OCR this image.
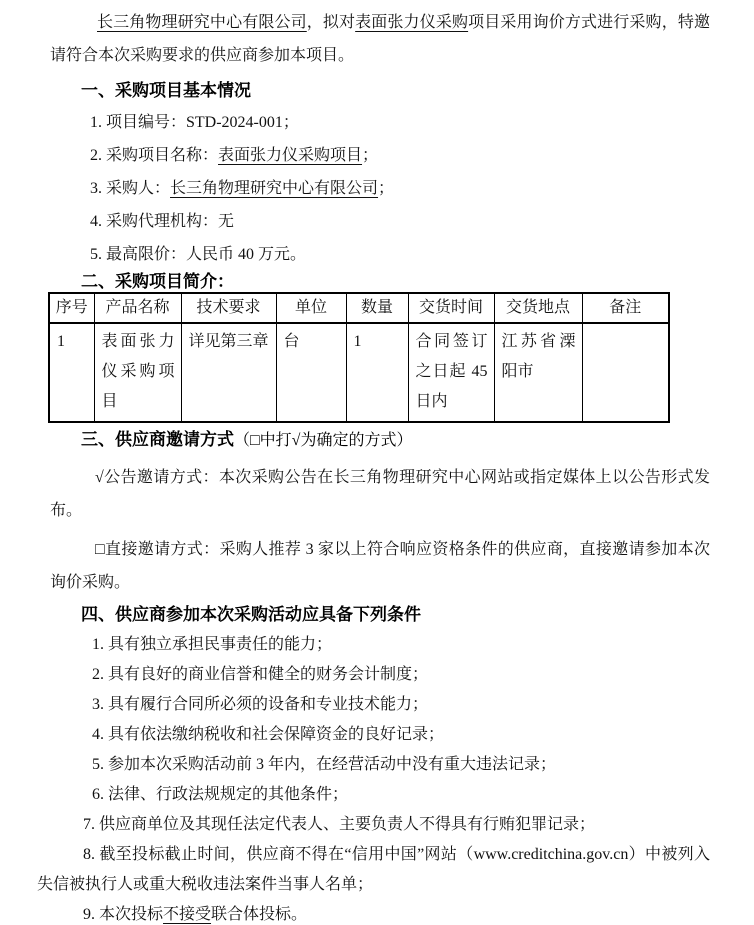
长三角物理研究中心有限公司，拟对表面张力仪采购项目采用询价方式进行采购，特邀请符合本次采购要求的供应商参加本项目。

一、采购项目基本情况

1. 项目编号：STD-2024-001；

2. 采购项目名称：表面张力仪采购项目；

3. 采购人：长三角物理研究中心有限公司；

4. 采购代理机构：无

5. 最高限价：人民币 40 万元。

二、采购项目简介：

序号	产品名称	技术要求	单位	数量	交货时间	交货地点	备注
1	表面张力仪采购项目	详见第三章	台	1	合同签订之日起 45 日内	江苏省溧阳市	

三、供应商邀请方式（□中打√为确定的方式）

√公告邀请方式：本次采购公告在长三角物理研究中心网站或指定媒体上以公告形式发布。

□直接邀请方式：采购人推荐 3 家以上符合响应资格条件的供应商，直接邀请参加本次询价采购。

四、供应商参加本次采购活动应具备下列条件

1. 具有独立承担民事责任的能力；

2. 具有良好的商业信誉和健全的财务会计制度；

3. 具有履行合同所必须的设备和专业技术能力；

4. 具有依法缴纳税收和社会保障资金的良好记录；

5. 参加本次采购活动前 3 年内，在经营活动中没有重大违法记录；

6. 法律、行政法规规定的其他条件；

7. 供应商单位及其现任法定代表人、主要负责人不得具有行贿犯罪记录；

8. 截至投标截止时间，供应商不得在“信用中国”网站（www.creditchina.gov.cn）中被列入失信被执行人或重大税收违法案件当事人名单；

9. 本次投标不接受联合体投标。
